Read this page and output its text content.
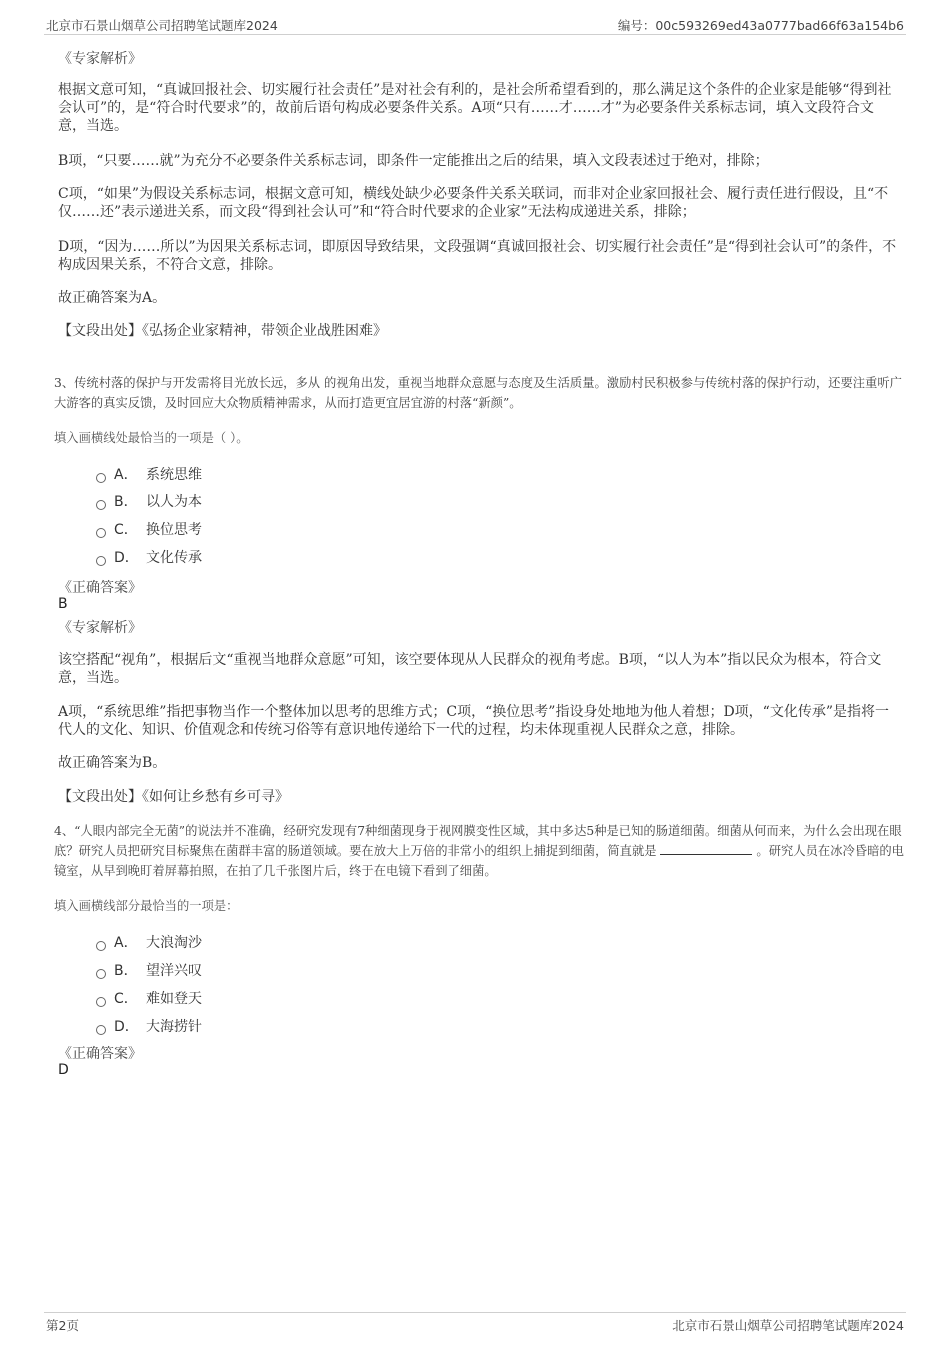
北京市石景山烟草公司招聘笔试题库2024	编号：00c593269ed43a0777bad66f63a154b6
《专家解析》

根据文意可知，“真诚回报社会、切实履行社会责任”是对社会有利的，是社会所希望看到的，那么满足这个条件的企业家是能够“得到社会认可”的，是“符合时代要求”的，故前后语句构成必要条件关系。A项“只有……才……才”为必要条件关系标志词，填入文段符合文意，当选。

B项，“只要……就”为充分不必要条件关系标志词，即条件一定能推出之后的结果，填入文段表述过于绝对，排除；

C项，“如果”为假设关系标志词，根据文意可知，横线处缺少必要条件关系关联词，而非对企业家回报社会、履行责任进行假设，且“不仅……还”表示递进关系，而文段“得到社会认可”和“符合时代要求的企业家”无法构成递进关系，排除；

D项，“因为……所以”为因果关系标志词，即原因导致结果，文段强调“真诚回报社会、切实履行社会责任”是“得到社会认可”的条件，不构成因果关系，不符合文意，排除。

故正确答案为A。

【文段出处】《弘扬企业家精神，带领企业战胜困难》

3、传统村落的保护与开发需将目光放长远，多从 的视角出发，重视当地群众意愿与态度及生活质量。激励村民积极参与传统村落的保护行动，还要注重听广大游客的真实反馈，及时回应大众物质精神需求，从而打造更宜居宜游的村落“新颜”。

填入画横线处最恰当的一项是（ ）。
A． 系统思维
B． 以人为本
C． 换位思考
D． 文化传承
《正确答案》
B
《专家解析》

该空搭配“视角”，根据后文“重视当地群众意愿”可知，该空要体现从人民群众的视角考虑。B项，“以人为本”指以民众为根本，符合文意，当选。

A项，“系统思维”指把事物当作一个整体加以思考的思维方式；C项，“换位思考”指设身处地地为他人着想；D项，“文化传承”是指将一代人的文化、知识、价值观念和传统习俗等有意识地传递给下一代的过程，均未体现重视人民群众之意，排除。

故正确答案为B。

【文段出处】《如何让乡愁有乡可寻》

4、“人眼内部完全无菌”的说法并不准确，经研究发现有7种细菌现身于视网膜变性区域，其中多达5种是已知的肠道细菌。细菌从何而来，为什么会出现在眼底？研究人员把研究目标聚焦在菌群丰富的肠道领域。要在放大上万倍的非常小的组织上捕捉到细菌，简直就是	。研究人员在冰冷昏暗的电镜室，从早到晚盯着屏幕拍照，在拍了几千张图片后，终于在电镜下看到了细菌。

填入画横线部分最恰当的一项是：
A． 大浪淘沙
B． 望洋兴叹
C． 难如登天
D． 大海捞针
《正确答案》
D
第2页	北京市石景山烟草公司招聘笔试题库2024
